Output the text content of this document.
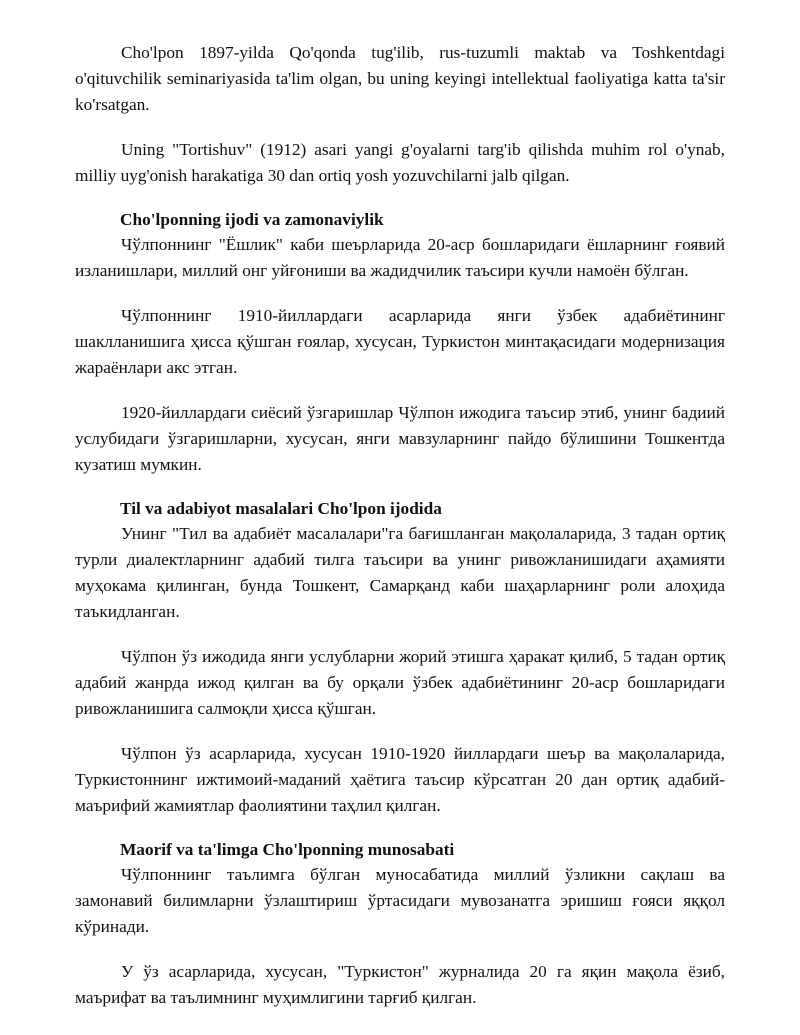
Cho'lpon 1897-yilda Qo'qonda tug'ilib, rus-tuzumli maktab va Toshkentdagi o'qituvchilik seminariyasida ta'lim olgan, bu uning keyingi intellektual faoliyatiga katta ta'sir ko'rsatgan.

Uning "Tortishuv" (1912) asari yangi g'oyalarni targ'ib qilishda muhim rol o'ynab, milliy uyg'onish harakatiga 30 dan ortiq yosh yozuvchilarni jalb qilgan.

Cho'lponning ijodi va zamonaviylik

Чўлпоннинг "Ёшлик" каби шеърларида 20-аср бошларидаги ёшларнинг ғоявий изланишлари, миллий онг уйғониши ва жадидчилик таъсири кучли намоён бўлган.

Чўлпоннинг 1910-йиллардаги асарларида янги ўзбек адабиётининг шаклланишига ҳисса қўшган ғоялар, хусусан, Туркистон минтақасидаги модернизация жараёнлари акс этган.

1920-йиллардаги сиёсий ўзгаришлар Чўлпон ижодига таъсир этиб, унинг бадиий услубидаги ўзгаришларни, хусусан, янги мавзуларнинг пайдо бўлишини Тошкентда кузатиш мумкин.

Til va adabiyot masalalari Cho'lpon ijodida

Унинг "Тил ва адабиёт масалалари"га бағишланган мақолаларида, 3 тадан ортиқ турли диалектларнинг адабий тилга таъсири ва унинг ривожланишидаги аҳамияти муҳокама қилинган, бунда Тошкент, Самарқанд каби шаҳарларнинг роли алоҳида таъкидланган.

Чўлпон ўз ижодида янги услубларни жорий этишга ҳаракат қилиб, 5 тадан ортиқ адабий жанрда ижод қилган ва бу орқали ўзбек адабиётининг 20-аср бошларидаги ривожланишига салмоқли ҳисса қўшган.

Чўлпон ўз асарларида, хусусан 1910-1920 йиллардаги шеър ва мақолаларида, Туркистоннинг ижтимоий-маданий ҳаётига таъсир кўрсатган 20 дан ортиқ адабий-маърифий жамиятлар фаолиятини таҳлил қилган.

Maorif va ta'limga Cho'lponning munosabati

Чўлпоннинг таълимга бўлган муносабатида миллий ўзликни сақлаш ва замонавий билимларни ўзлаштириш ўртасидаги мувозанатга эришиш ғояси яққол кўринади.

У ўз асарларида, хусусан, "Туркистон" журналида 20 га яқин мақола ёзиб, маърифат ва таълимнинг муҳимлигини тарғиб қилган.
